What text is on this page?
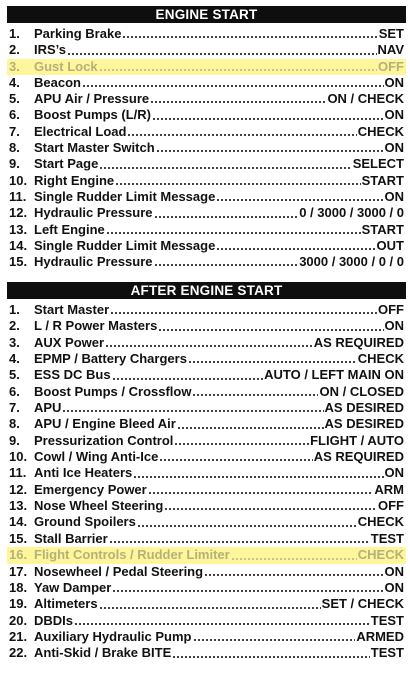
ENGINE START
1.	Parking Brake	SET
2.	IRS’s	NAV
3.	Gust Lock	OFF
4.	Beacon	ON
5.	APU Air / Pressure	ON / CHECK
6.	Boost Pumps (L/R)	ON
7.	Electrical Load	CHECK
8.	Start Master Switch	ON
9.	Start Page	SELECT
10. Right Engine	START
11. Single Rudder Limit Message	ON
12. Hydraulic Pressure	0 / 3000 / 3000 / 0
13. Left Engine	START
14. Single Rudder Limit Message	OUT
15. Hydraulic Pressure	3000 / 3000 / 0 / 0
AFTER ENGINE START
1.	Start Master	OFF
2.	L / R Power Masters	ON
3.	AUX Power	AS REQUIRED
4.	EPMP / Battery Chargers	CHECK
5.	ESS DC Bus	AUTO / LEFT MAIN ON
6.	Boost Pumps / Crossflow	ON / CLOSED
7.	APU	AS DESIRED
8.	APU / Engine Bleed Air	AS DESIRED
9.	Pressurization Control	FLIGHT / AUTO
10. Cowl / Wing Anti-Ice	AS REQUIRED
11. Anti Ice Heaters	ON
12. Emergency Power	ARM
13. Nose Wheel Steering	OFF
14. Ground Spoilers	CHECK
15. Stall Barrier	TEST
16. Flight Controls / Rudder Limiter	CHECK
17. Nosewheel / Pedal Steering	ON
18. Yaw Damper	ON
19. Altimeters	SET / CHECK
20. DBDIs	TEST
21. Auxiliary Hydraulic Pump	ARMED
22. Anti-Skid / Brake BITE	TEST
